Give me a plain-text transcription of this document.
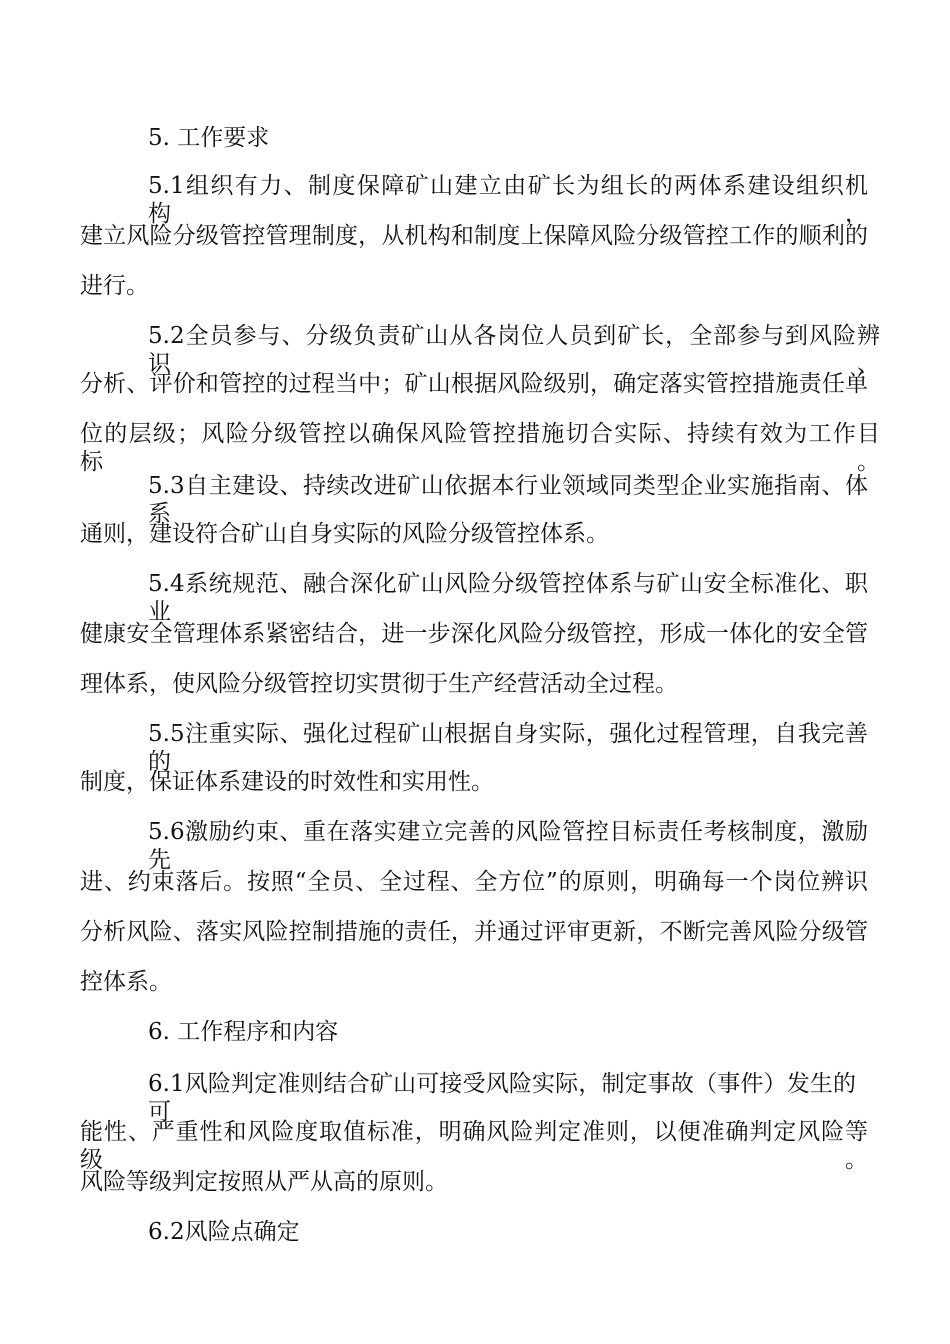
5. 工作要求
5.1组织有力、制度保障矿山建立由矿长为组长的两体系建设组织机构，
建立风险分级管控管理制度，从机构和制度上保障风险分级管控工作的顺利的
进行。
5.2全员参与、分级负责矿山从各岗位人员到矿长，全部参与到风险辨识、
分析、评价和管控的过程当中；矿山根据风险级别，确定落实管控措施责任单
位的层级；风险分级管控以确保风险管控措施切合实际、持续有效为工作目标。
5.3自主建设、持续改进矿山依据本行业领域同类型企业实施指南、体系
通则，建设符合矿山自身实际的风险分级管控体系。
5.4系统规范、融合深化矿山风险分级管控体系与矿山安全标准化、职业
健康安全管理体系紧密结合，进一步深化风险分级管控，形成一体化的安全管
理体系，使风险分级管控切实贯彻于生产经营活动全过程。
5.5注重实际、强化过程矿山根据自身实际，强化过程管理，自我完善的
制度，保证体系建设的时效性和实用性。
5.6激励约束、重在落实建立完善的风险管控目标责任考核制度，激励先
进、约束落后。按照“全员、全过程、全方位”的原则，明确每一个岗位辨识
分析风险、落实风险控制措施的责任，并通过评审更新，不断完善风险分级管
控体系。
6. 工作程序和内容
6.1风险判定准则结合矿山可接受风险实际，制定事故（事件）发生的可
能性、严重性和风险度取值标准，明确风险判定准则，以便准确判定风险等级。
风险等级判定按照从严从高的原则。
6.2风险点确定
